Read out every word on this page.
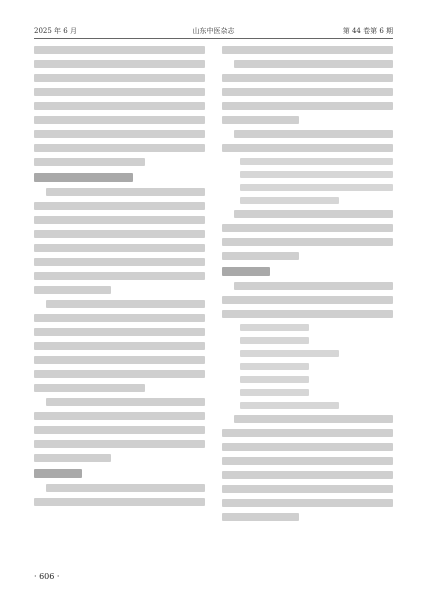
2025 年 6 月	山东中医杂志	第 44 卷第 6 期
· 606 ·
